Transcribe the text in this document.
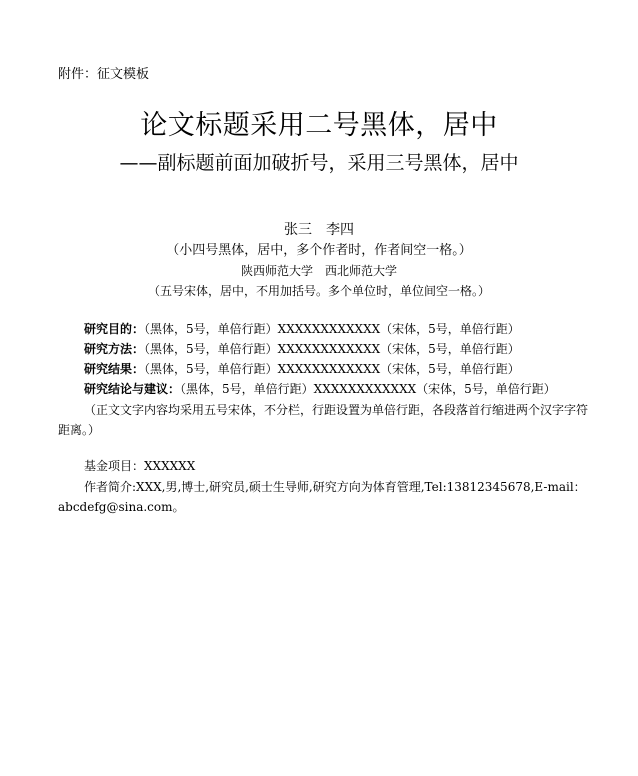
附件：征文模板
论文标题采用二号黑体，居中
——副标题前面加破折号，采用三号黑体，居中
张三　李四
（小四号黑体，居中，多个作者时，作者间空一格。）
陕西师范大学　西北师范大学
（五号宋体，居中，不用加括号。多个单位时，单位间空一格。）
研究目的：（黑体，5号，单倍行距）XXXXXXXXXXXX（宋体，5号，单倍行距）
研究方法：（黑体，5号，单倍行距）XXXXXXXXXXXX（宋体，5号，单倍行距）
研究结果：（黑体，5号，单倍行距）XXXXXXXXXXXX（宋体，5号，单倍行距）
研究结论与建议：（黑体，5号，单倍行距）XXXXXXXXXXXX（宋体，5号，单倍行距）
（正文文字内容均采用五号宋体，不分栏，行距设置为单倍行距，各段落首行缩进两个汉字字符距离。）
基金项目：XXXXXX
作者简介:XXX,男,博士,研究员,硕士生导师,研究方向为体育管理,Tel:13812345678,E-mail：abcdefg@sina.com。
